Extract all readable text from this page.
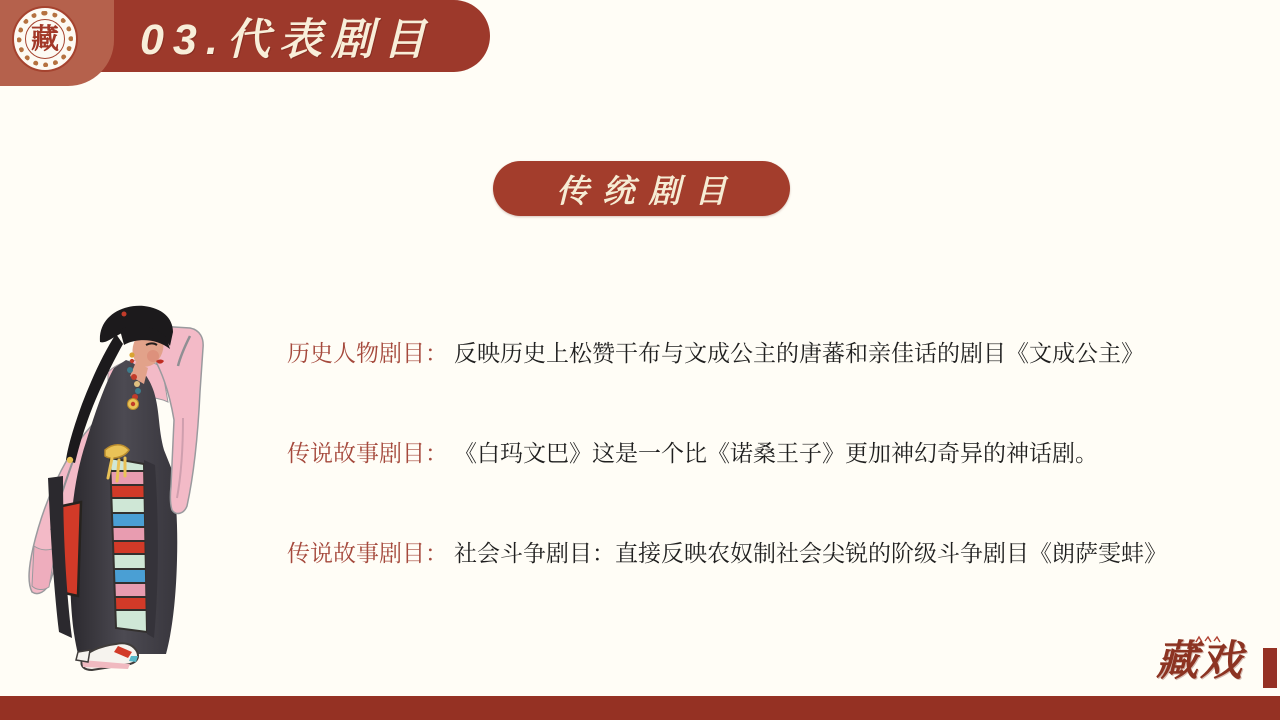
藏 03.代表剧目
传统剧目
历史人物剧目： 反映历史上松赞干布与文成公主的唐蕃和亲佳话的剧目《文成公主》
传说故事剧目： 《白玛文巴》这是一个比《诺桑王子》更加神幻奇异的神话剧。
传说故事剧目： 社会斗争剧目：直接反映农奴制社会尖锐的阶级斗争剧目《朗萨雯蚌》
藏戏
